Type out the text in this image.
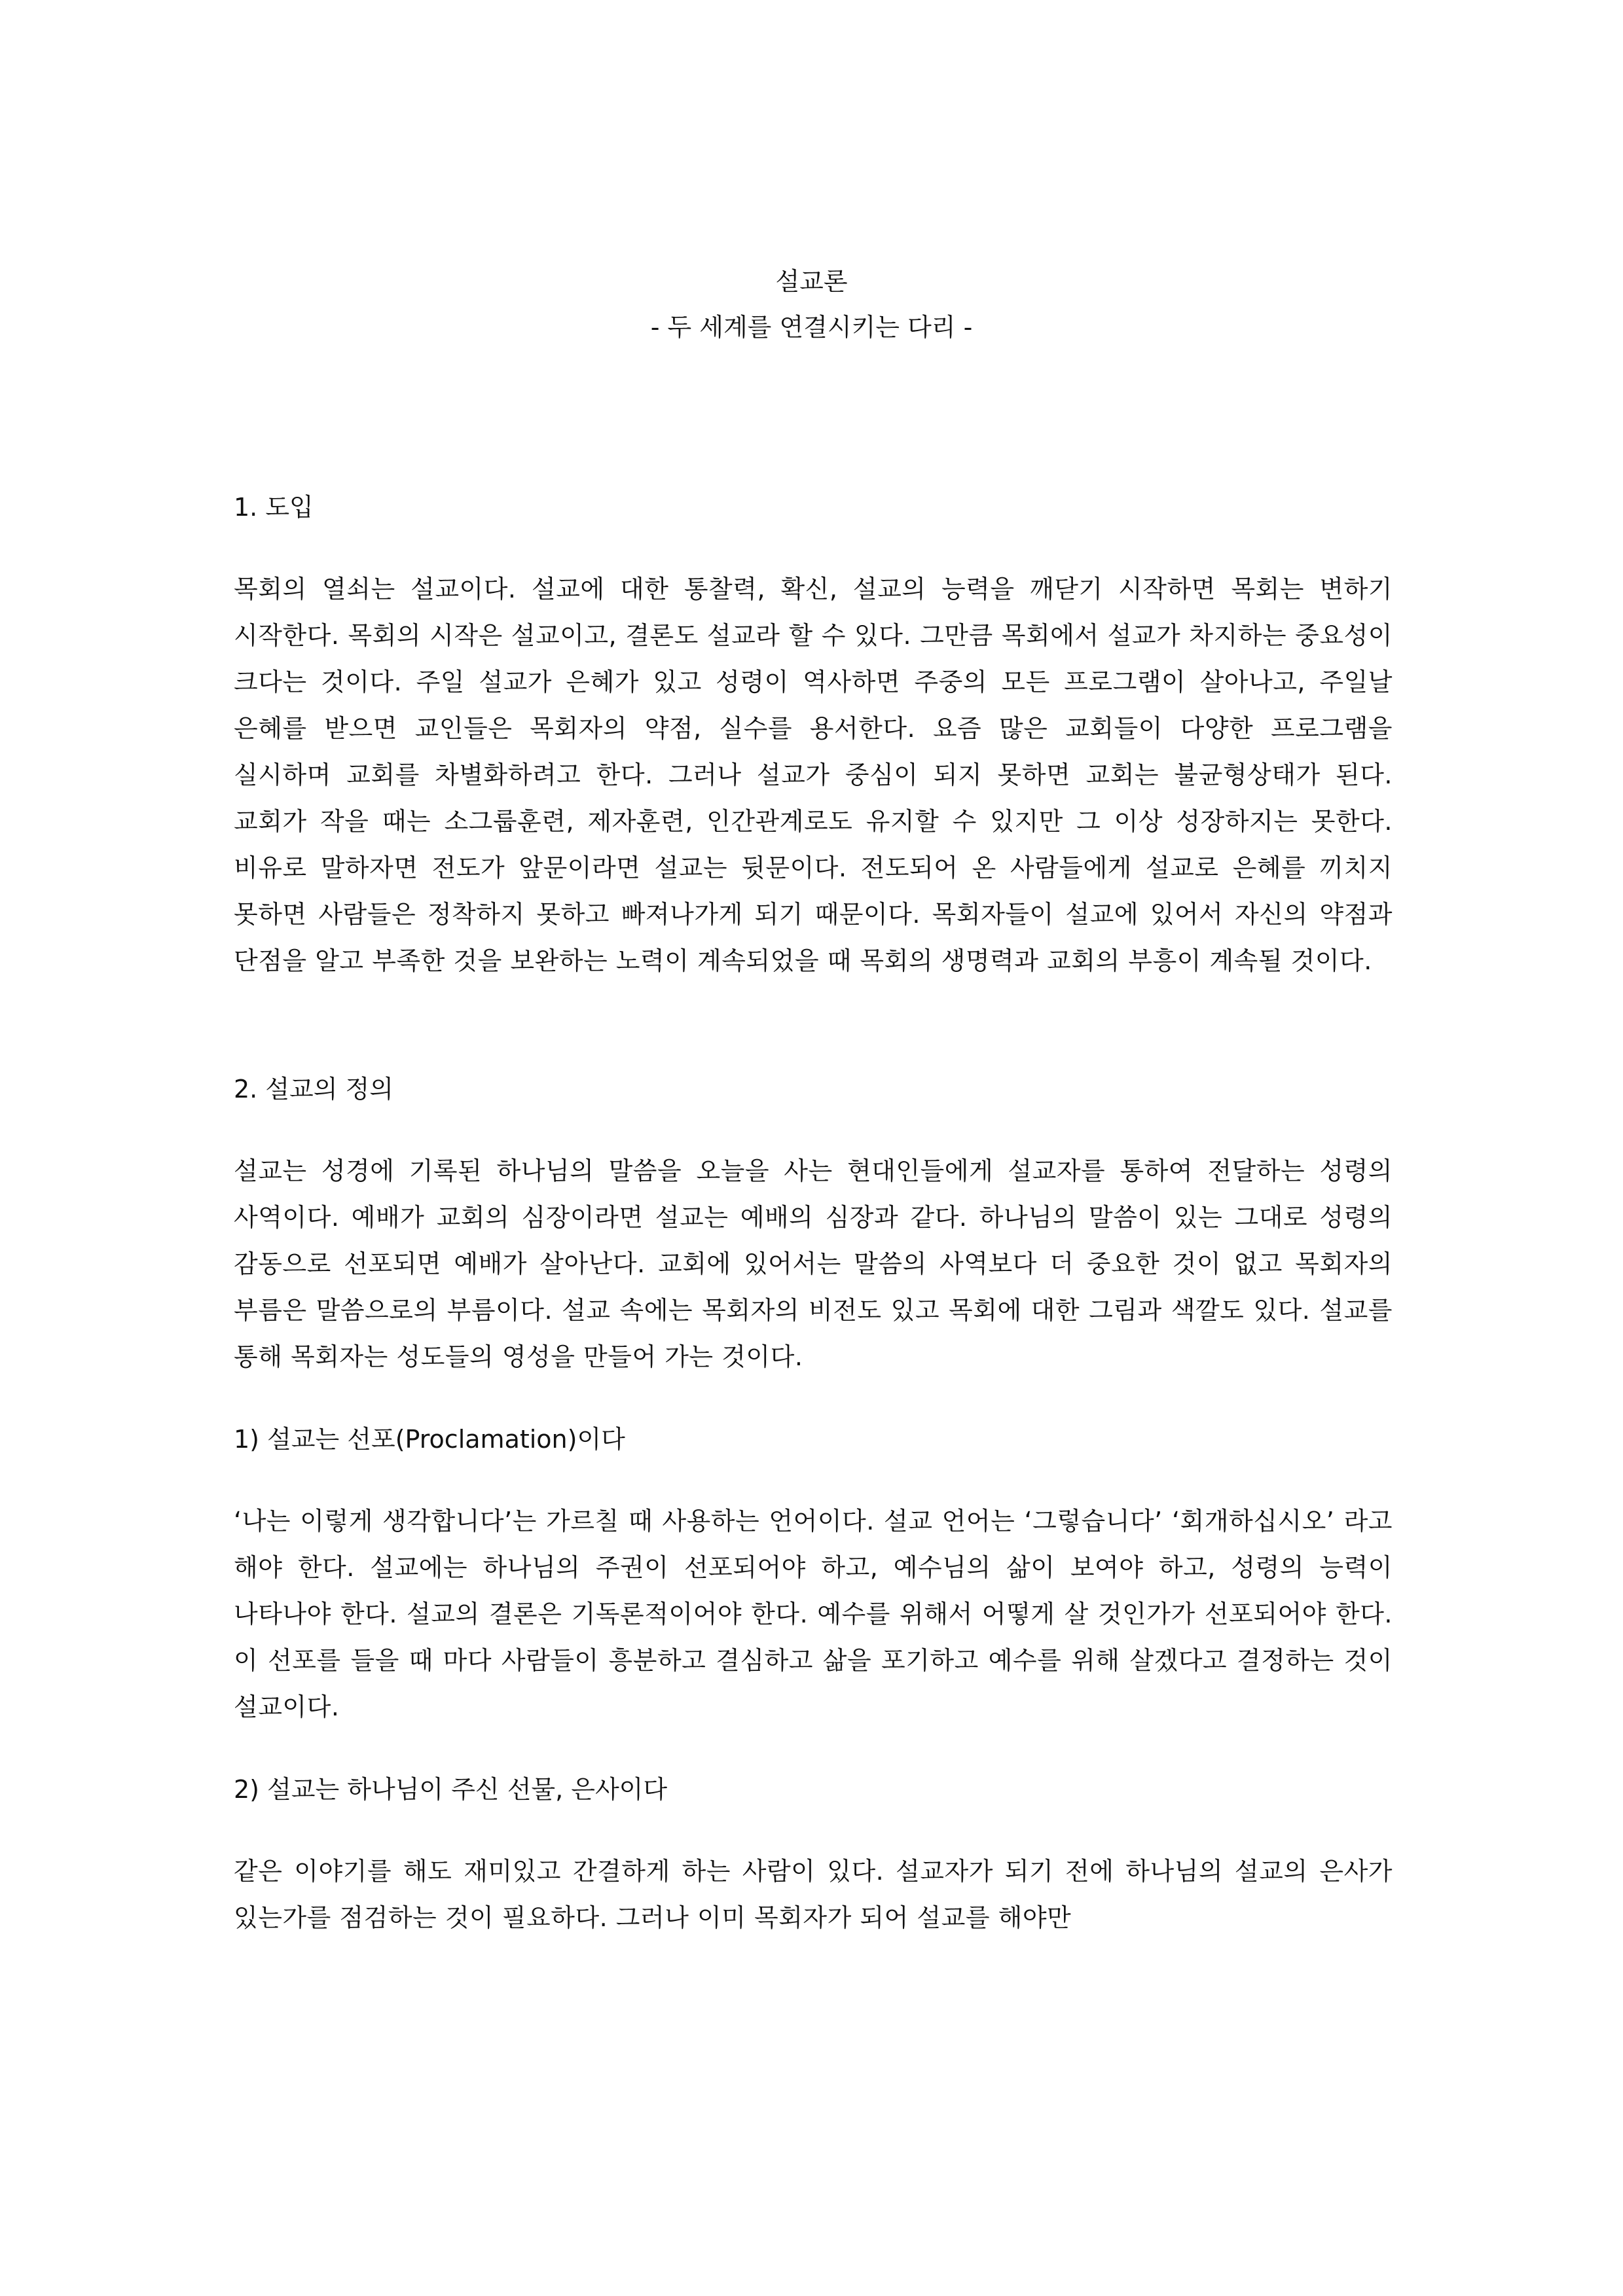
설교론
- 두 세계를 연결시키는 다리 -
1. 도입

목회의 열쇠는 설교이다. 설교에 대한 통찰력, 확신, 설교의 능력을 깨닫기 시작하면 목회는 변하기 시작한다. 목회의 시작은 설교이고, 결론도 설교라 할 수 있다. 그만큼 목회에서 설교가 차지하는 중요성이 크다는 것이다. 주일 설교가 은혜가 있고 성령이 역사하면 주중의 모든 프로그램이 살아나고, 주일날 은혜를 받으면 교인들은 목회자의 약점, 실수를 용서한다. 요즘 많은 교회들이 다양한 프로그램을 실시하며 교회를 차별화하려고 한다. 그러나 설교가 중심이 되지 못하면 교회는 불균형상태가 된다. 교회가 작을 때는 소그룹훈련, 제자훈련, 인간관계로도 유지할 수 있지만 그 이상 성장하지는 못한다. 비유로 말하자면 전도가 앞문이라면 설교는 뒷문이다. 전도되어 온 사람들에게 설교로 은혜를 끼치지 못하면 사람들은 정착하지 못하고 빠져나가게 되기 때문이다. 목회자들이 설교에 있어서 자신의 약점과 단점을 알고 부족한 것을 보완하는 노력이 계속되었을 때 목회의 생명력과 교회의 부흥이 계속될 것이다.

2. 설교의 정의

설교는 성경에 기록된 하나님의 말씀을 오늘을 사는 현대인들에게 설교자를 통하여 전달하는 성령의 사역이다. 예배가 교회의 심장이라면 설교는 예배의 심장과 같다. 하나님의 말씀이 있는 그대로 성령의 감동으로 선포되면 예배가 살아난다. 교회에 있어서는 말씀의 사역보다 더 중요한 것이 없고 목회자의 부름은 말씀으로의 부름이다. 설교 속에는 목회자의 비전도 있고 목회에 대한 그림과 색깔도 있다. 설교를 통해 목회자는 성도들의 영성을 만들어 가는 것이다.

1) 설교는 선포(Proclamation)이다

‘나는 이렇게 생각합니다’는 가르칠 때 사용하는 언어이다. 설교 언어는 ‘그렇습니다’ ‘회개하십시오’ 라고 해야 한다. 설교에는 하나님의 주권이 선포되어야 하고, 예수님의 삶이 보여야 하고, 성령의 능력이 나타나야 한다. 설교의 결론은 기독론적이어야 한다. 예수를 위해서 어떻게 살 것인가가 선포되어야 한다. 이 선포를 들을 때 마다 사람들이 흥분하고 결심하고 삶을 포기하고 예수를 위해 살겠다고 결정하는 것이 설교이다.

2) 설교는 하나님이 주신 선물, 은사이다

같은 이야기를 해도 재미있고 간결하게 하는 사람이 있다. 설교자가 되기 전에 하나님의 설교의 은사가 있는가를 점검하는 것이 필요하다. 그러나 이미 목회자가 되어 설교를 해야만
